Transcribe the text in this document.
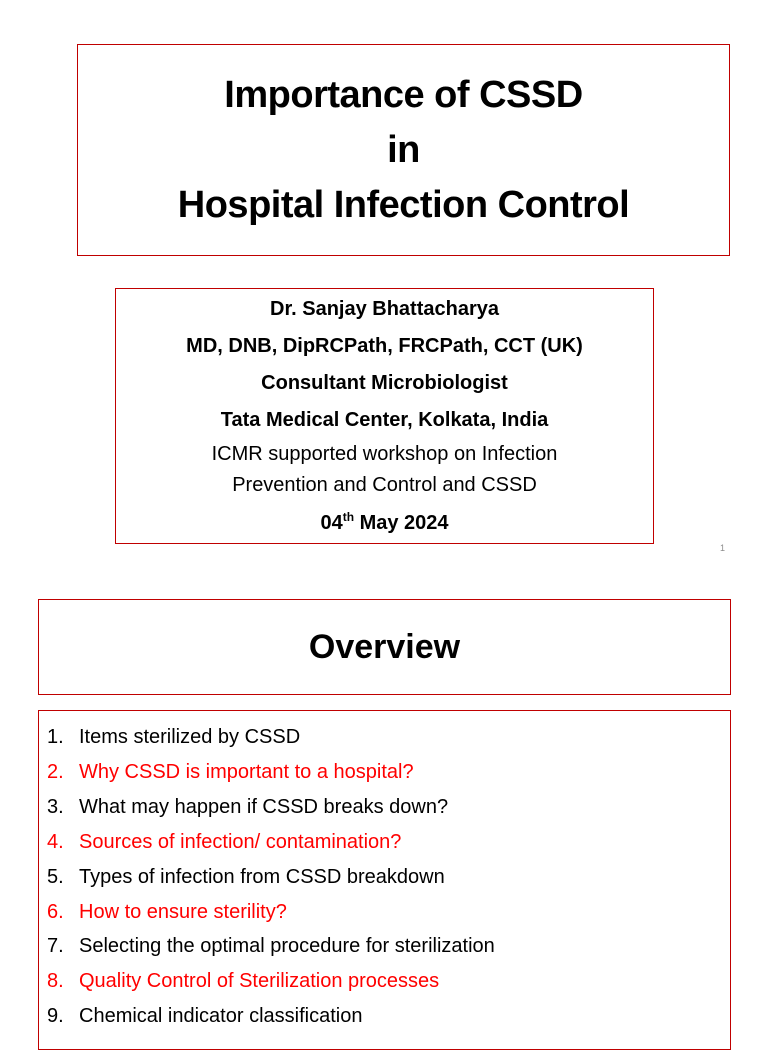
Importance of CSSD
in
Hospital Infection Control
Dr. Sanjay Bhattacharya
MD, DNB, DipRCPath, FRCPath, CCT (UK)
Consultant Microbiologist
Tata Medical Center, Kolkata, India
ICMR supported workshop on Infection
Prevention and Control and CSSD
04th May 2024
1
Overview
1. Items sterilized by CSSD
2. Why CSSD is important to a hospital?
3. What may happen if CSSD breaks down?
4. Sources of infection/ contamination?
5. Types of infection from CSSD breakdown
6. How to ensure sterility?
7. Selecting the optimal procedure for sterilization
8. Quality Control of Sterilization processes
9. Chemical indicator classification
